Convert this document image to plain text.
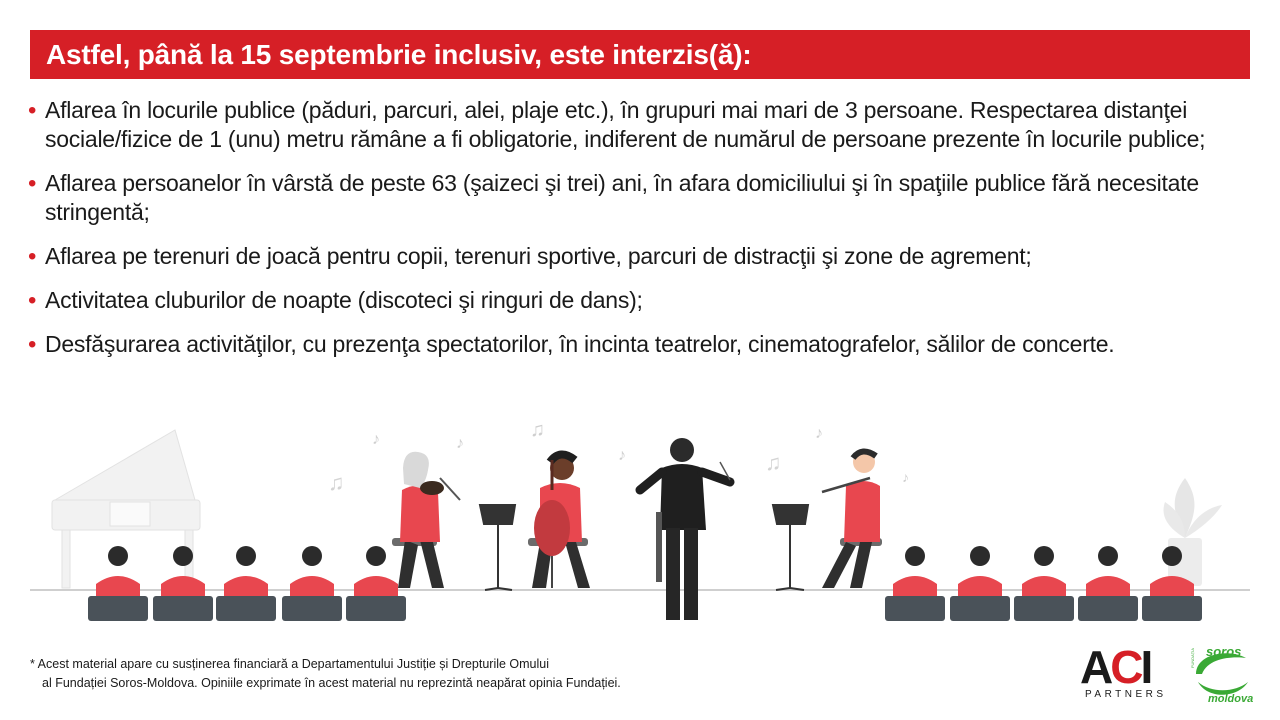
Astfel, până la 15 septembrie inclusiv, este interzis(ă):
• Aflarea în locurile publice (păduri, parcuri, alei, plaje etc.), în grupuri mai mari de 3 persoane. Respectarea distanţei sociale/fizice de 1 (unu) metru rămâne a fi obligatorie, indiferent de numărul de persoane prezente în locurile publice;
• Aflarea persoanelor în vârstă de peste 63 (şaizeci şi trei) ani, în afara domiciliului şi în spaţiile publice fără necesitate stringentă;
• Aflarea pe terenuri de joacă pentru copii, terenuri sportive, parcuri de distracţii şi zone de agrement;
• Activitatea cluburilor de noapte (discoteci şi ringuri de dans);
• Desfăşurarea activităţilor, cu prezenţa spectatorilor, în incinta teatrelor, cinematografelor, sălilor de concerte.
♪
♫
♪
♫
♪	♫
♪
♪
* Acest material apare cu susținerea financiară a Departamentului Justiție și Drepturile Omului
al Fundației Soros-Moldova. Opiniile exprimate în acest material nu reprezintă neapărat opinia Fundației.	ACI
PARTNERS
soros
moldova
FUNDAȚIA
